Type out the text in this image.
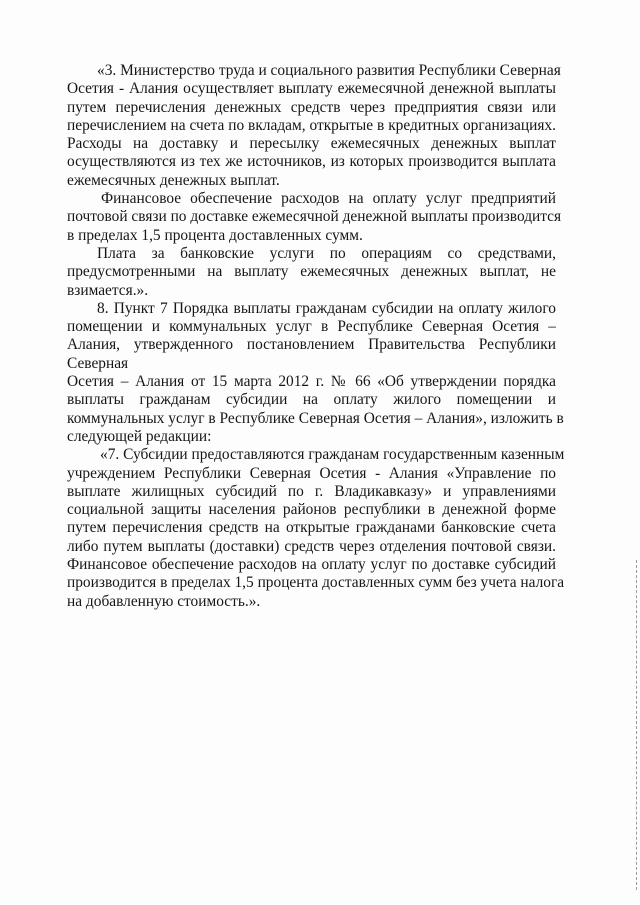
«3. Министерство труда и социального развития Республики Северная
Осетия - Алания осуществляет выплату ежемесячной денежной выплаты
путем перечисления денежных средств через предприятия связи или
перечислением на счета по вкладам, открытые в кредитных организациях.
Расходы на доставку и пересылку ежемесячных денежных выплат
осуществляются из тех же источников, из которых производится выплата
ежемесячных денежных выплат.
Финансовое обеспечение расходов на оплату услуг предприятий
почтовой связи по доставке ежемесячной денежной выплаты производится
в пределах 1,5 процента доставленных сумм.
Плата за банковские услуги по операциям со средствами,
предусмотренными на выплату ежемесячных денежных выплат, не
взимается.».
8. Пункт 7 Порядка выплаты гражданам субсидии на оплату жилого
помещении и коммунальных услуг в Республике Северная Осетия –
Алания, утвержденного постановлением Правительства Республики
Северная
Осетия – Алания от 15 марта 2012 г. № 66 «Об утверждении порядка
выплаты гражданам субсидии на оплату жилого помещении и
коммунальных услуг в Республике Северная Осетия – Алания», изложить в
следующей редакции:
«7. Субсидии предоставляются гражданам государственным казенным
учреждением Республики Северная Осетия - Алания «Управление по
выплате жилищных субсидий по г. Владикавказу» и управлениями
социальной защиты населения районов республики в денежной форме
путем перечисления средств на открытые гражданами банковские счета
либо путем выплаты (доставки) средств через отделения почтовой связи.
Финансовое обеспечение расходов на оплату услуг по доставке субсидий
производится в пределах 1,5 процента доставленных сумм без учета налога
на добавленную стоимость.».
